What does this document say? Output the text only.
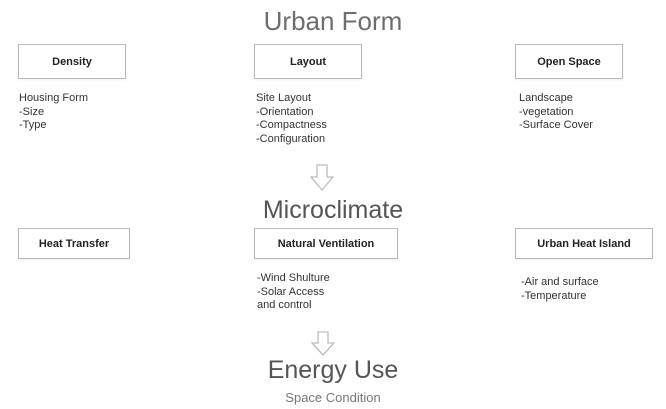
Urban Form
Density	Layout	Open Space
Housing Form
-Size
-Type
Site Layout
-Orientation
-Compactness
-Configuration
Landscape
-vegetation
-Surface Cover
Microclimate
Heat Transfer	Natural Ventilation	Urban Heat Island
-Wind Shulture
-Solar Access
and control
-Air and surface
-Temperature
Energy Use
Space Condition
